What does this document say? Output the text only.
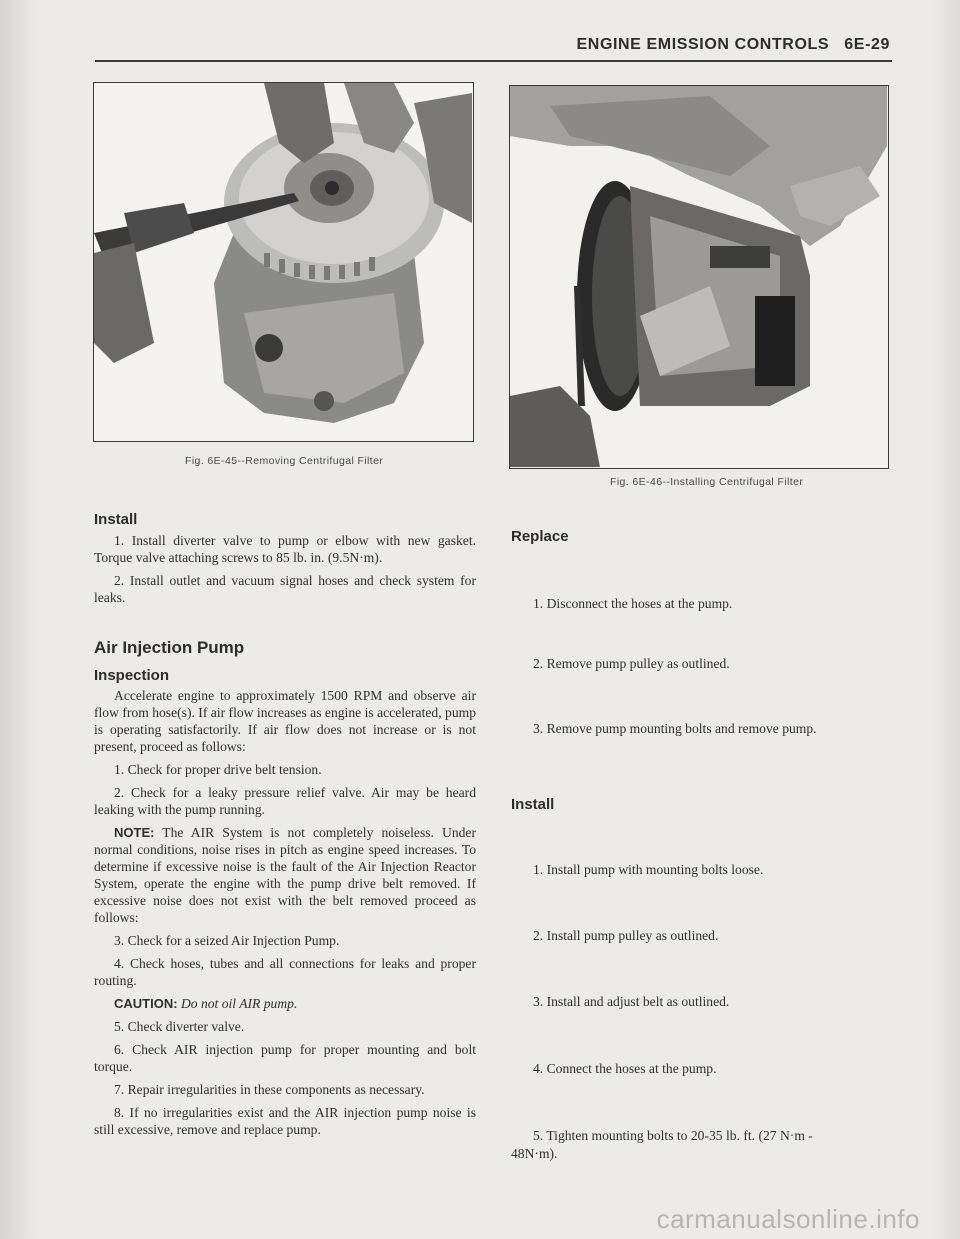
ENGINE EMISSION CONTROLS   6E-29
Fig. 6E-45--Removing Centrifugal Filter
Fig. 6E-46--Installing Centrifugal Filter
Install

1. Install diverter valve to pump or elbow with new gasket. Torque valve attaching screws to 85 lb. in. (9.5N·m).

2. Install outlet and vacuum signal hoses and check system for leaks.

Air Injection Pump
Inspection

Accelerate engine to approximately 1500 RPM and observe air flow from hose(s). If air flow increases as engine is accelerated, pump is operating satisfactorily. If air flow does not increase or is not present, proceed as follows:

1. Check for proper drive belt tension.

2. Check for a leaky pressure relief valve. Air may be heard leaking with the pump running.

NOTE: The AIR System is not completely noiseless. Under normal conditions, noise rises in pitch as engine speed increases. To determine if excessive noise is the fault of the Air Injection Reactor System, operate the engine with the pump drive belt removed. If excessive noise does not exist with the belt removed proceed as follows:

3. Check for a seized Air Injection Pump.

4. Check hoses, tubes and all connections for leaks and proper routing.

CAUTION: Do not oil AIR pump.

5. Check diverter valve.

6. Check AIR injection pump for proper mounting and bolt torque.

7. Repair irregularities in these components as necessary.

8. If no irregularities exist and the AIR injection pump noise is still excessive, remove and replace pump.

Replace
1. Disconnect the hoses at the pump.
2. Remove pump pulley as outlined.
3. Remove pump mounting bolts and remove pump.
Install
1. Install pump with mounting bolts loose.
2. Install pump pulley as outlined.
3. Install and adjust belt as outlined.
4. Connect the hoses at the pump.
5. Tighten mounting bolts to 20-35 lb. ft. (27 N·m -
48N·m).
carmanualsonline.info
